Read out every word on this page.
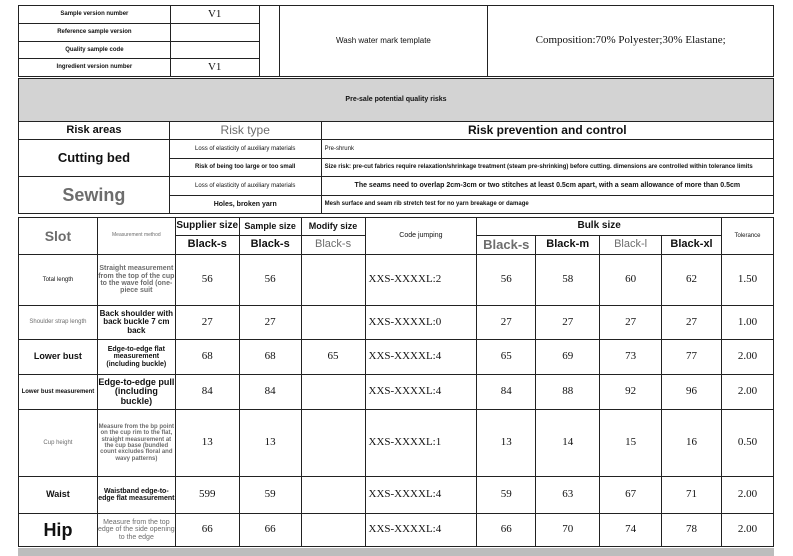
Sample version number	V1		Wash water mark template	Composition:70% Polyester;30% Elastane;
Reference sample version				
Quality sample code				
Ingredient version number	V1			
Pre-sale potential quality risks
Risk areas	Risk type	Risk prevention and control
Cutting bed	Loss of elasticity of auxiliary materials	Pre-shrunk
	Risk of being too large or too small	Size risk: pre-cut fabrics require relaxation/shrinkage treatment (steam pre-shrinking) before cutting. dimensions are controlled within tolerance limits
Sewing	Loss of elasticity of auxiliary materials	The seams need to overlap 2cm-3cm or two stitches at least 0.5cm apart, with a seam allowance of more than 0.5cm
	Holes, broken yarn	Mesh surface and seam rib stretch test for no yarn breakage or damage
Slot	Measurement method	Supplier size	Sample size	Modify size	Code jumping	Bulk size				Tolerance
		Black-s	Black-s	Black-s		Black-s	Black-m	Black-l	Black-xl	
Total length	Straight measurement from the top of the cup to the wave fold (one-piece suit	56	56		XXS-XXXXL:2	56	58	60	62	1.50
Shoulder strap length	Back shoulder with back buckle 7 cm back	27	27		XXS-XXXXL:0	27	27	27	27	1.00
Lower bust	Edge-to-edge flat measurement (including buckle)	68	68	65	XXS-XXXXL:4	65	69	73	77	2.00
Lower bust measurement	Edge-to-edge pull (including buckle)	84	84		XXS-XXXXL:4	84	88	92	96	2.00
Cup height	Measure from the bp point on the cup rim to the flat, straight measurement at the cup base (bundled count excludes floral and wavy patterns)	13	13		XXS-XXXXL:1	13	14	15	16	0.50
Waist	Waistband edge-to-edge flat measurement	599	59		XXS-XXXXL:4	59	63	67	71	2.00
Hip	Measure from the top edge of the side opening to the edge	66	66		XXS-XXXXL:4	66	70	74	78	2.00
